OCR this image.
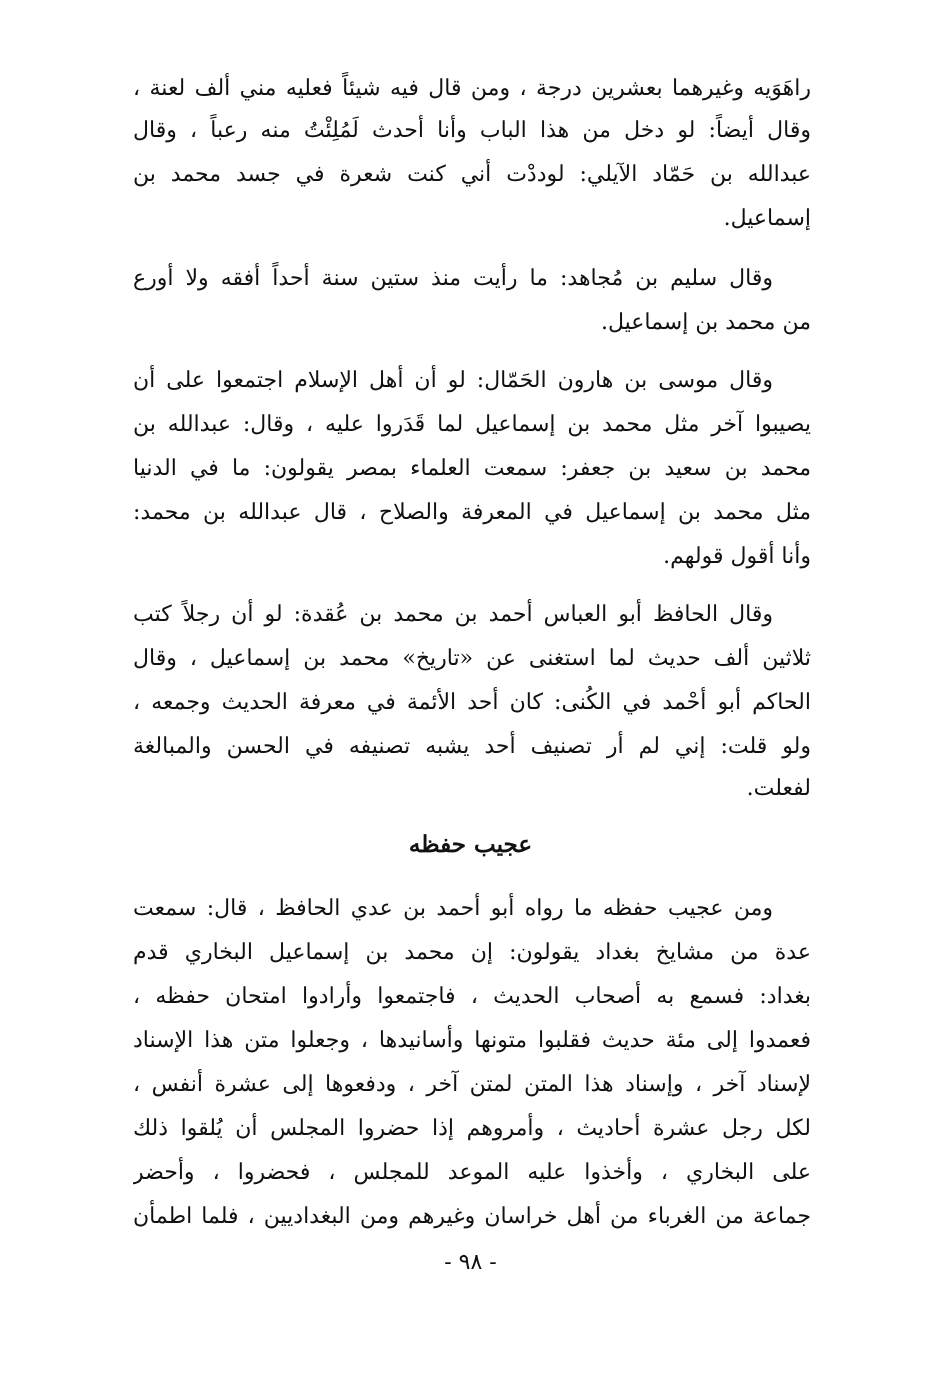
راهَوَيه وغيرهما بعشرين درجة ، ومن قال فيه شيئاً فعليه مني ألف لعنة ،
وقال أيضاً: لو دخل من هذا الباب وأنا أحدث لَمُلِئْتُ منه رعباً ، وقال
عبدالله بن حَمّاد الآيلي: لوددْت أني كنت شعرة في جسد محمد بن
إسماعيل.
وقال سليم بن مُجاهد: ما رأيت منذ ستين سنة أحداً أفقه ولا أورع
من محمد بن إسماعيل.
وقال موسى بن هارون الحَمّال: لو أن أهل الإسلام اجتمعوا على أن
يصيبوا آخر مثل محمد بن إسماعيل لما قَدَروا عليه ، وقال: عبدالله بن
محمد بن سعيد بن جعفر: سمعت العلماء بمصر يقولون: ما في الدنيا
مثل محمد بن إسماعيل في المعرفة والصلاح ، قال عبدالله بن محمد:
وأنا أقول قولهم.
وقال الحافظ أبو العباس أحمد بن محمد بن عُقدة: لو أن رجلاً كتب
ثلاثين ألف حديث لما استغنى عن «تاريخ» محمد بن إسماعيل ، وقال
الحاكم أبو أحْمد في الكُنى: كان أحد الأئمة في معرفة الحديث وجمعه ،
ولو قلت: إني لم أر تصنيف أحد يشبه تصنيفه في الحسن والمبالغة
لفعلت.
عجيب حفظه
ومن عجيب حفظه ما رواه أبو أحمد بن عدي الحافظ ، قال: سمعت
عدة من مشايخ بغداد يقولون: إن محمد بن إسماعيل البخاري قدم
بغداد: فسمع به أصحاب الحديث ، فاجتمعوا وأرادوا امتحان حفظه ،
فعمدوا إلى مئة حديث فقلبوا متونها وأسانيدها ، وجعلوا متن هذا الإسناد
لإسناد آخر ، وإسناد هذا المتن لمتن آخر ، ودفعوها إلى عشرة أنفس ،
لكل رجل عشرة أحاديث ، وأمروهم إذا حضروا المجلس أن يُلقوا ذلك
على البخاري ، وأخذوا عليه الموعد للمجلس ، فحضروا ، وأحضر
جماعة من الغرباء من أهل خراسان وغيرهم ومن البغداديين ، فلما اطمأن
- ٩٨ -
